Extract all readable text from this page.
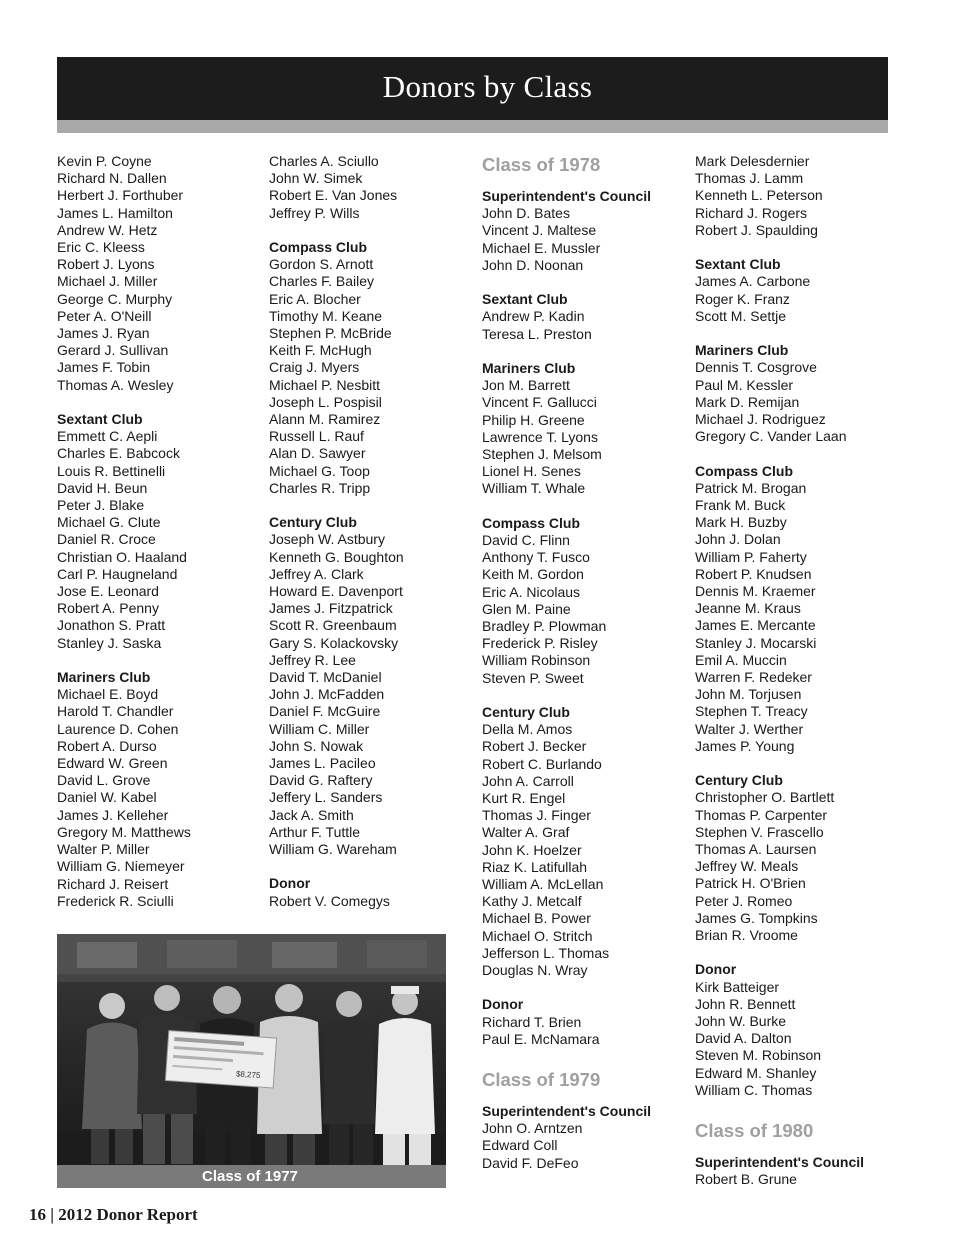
Donors by Class
Kevin P. Coyne
Richard N. Dallen
Herbert J. Forthuber
James L. Hamilton
Andrew W. Hetz
Eric C. Kleess
Robert J. Lyons
Michael J. Miller
George C. Murphy
Peter A. O'Neill
James J. Ryan
Gerard J. Sullivan
James F. Tobin
Thomas A. Wesley
Sextant Club
Emmett C. Aepli
Charles E. Babcock
Louis R. Bettinelli
David H. Beun
Peter J. Blake
Michael G. Clute
Daniel R. Croce
Christian O. Haaland
Carl P. Haugneland
Jose E. Leonard
Robert A. Penny
Jonathon S. Pratt
Stanley J. Saska
Mariners Club
Michael E. Boyd
Harold T. Chandler
Laurence D. Cohen
Robert A. Durso
Edward W. Green
David L. Grove
Daniel W. Kabel
James J. Kelleher
Gregory M. Matthews
Walter P. Miller
William G. Niemeyer
Richard J. Reisert
Frederick R. Sciulli
Charles A. Sciullo
John W. Simek
Robert E. Van Jones
Jeffrey P. Wills
Compass Club
Gordon S. Arnott
Charles F. Bailey
Eric A. Blocher
Timothy M. Keane
Stephen P. McBride
Keith F. McHugh
Craig J. Myers
Michael P. Nesbitt
Joseph L. Pospisil
Alann M. Ramirez
Russell L. Rauf
Alan D. Sawyer
Michael G. Toop
Charles R. Tripp
Century Club
Joseph W. Astbury
Kenneth G. Boughton
Jeffrey A. Clark
Howard E. Davenport
James J. Fitzpatrick
Scott R. Greenbaum
Gary S. Kolackovsky
Jeffrey R. Lee
David T. McDaniel
John J. McFadden
Daniel F. McGuire
William C. Miller
John S. Nowak
James L. Pacileo
David G. Raftery
Jeffery L. Sanders
Jack A. Smith
Arthur F. Tuttle
William G. Wareham
Donor
Robert V. Comegys
Class of 1978
Superintendent's Council
John D. Bates
Vincent J. Maltese
Michael E. Mussler
John D. Noonan
Sextant Club
Andrew P. Kadin
Teresa L. Preston
Mariners Club
Jon M. Barrett
Vincent F. Gallucci
Philip H. Greene
Lawrence T. Lyons
Stephen J. Melsom
Lionel H. Senes
William T. Whale
Compass Club
David C. Flinn
Anthony T. Fusco
Keith M. Gordon
Eric A. Nicolaus
Glen M. Paine
Bradley P. Plowman
Frederick P. Risley
William Robinson
Steven P. Sweet
Century Club
Della M. Amos
Robert J. Becker
Robert C. Burlando
John A. Carroll
Kurt R. Engel
Thomas J. Finger
Walter A. Graf
John K. Hoelzer
Riaz K. Latifullah
William A. McLellan
Kathy J. Metcalf
Michael B. Power
Michael O. Stritch
Jefferson L. Thomas
Douglas N. Wray
Donor
Richard T. Brien
Paul E. McNamara
Class of 1979
Superintendent's Council
John O. Arntzen
Edward Coll
David F. DeFeo
Mark Delesdernier
Thomas J. Lamm
Kenneth L. Peterson
Richard J. Rogers
Robert J. Spaulding
Sextant Club
James A. Carbone
Roger K. Franz
Scott M. Settje
Mariners Club
Dennis T. Cosgrove
Paul M. Kessler
Mark D. Remijan
Michael J. Rodriguez
Gregory C. Vander Laan
Compass Club
Patrick M. Brogan
Frank M. Buck
Mark H. Buzby
John J. Dolan
William P. Faherty
Robert P. Knudsen
Dennis M. Kraemer
Jeanne M. Kraus
James E. Mercante
Stanley J. Mocarski
Emil A. Muccin
Warren F. Redeker
John M. Torjusen
Stephen T. Treacy
Walter J. Werther
James P. Young
Century Club
Christopher O. Bartlett
Thomas P. Carpenter
Stephen V. Frascello
Thomas A. Laursen
Jeffrey W. Meals
Patrick H. O'Brien
Peter J. Romeo
James G. Tompkins
Brian R. Vroome
Donor
Kirk Batteiger
John R. Bennett
John W. Burke
David A. Dalton
Steven M. Robinson
Edward M. Shanley
William C. Thomas
Class of 1980
Superintendent's Council
Robert B. Grune
$8,275
Class of 1977
16 | 2012 Donor Report
